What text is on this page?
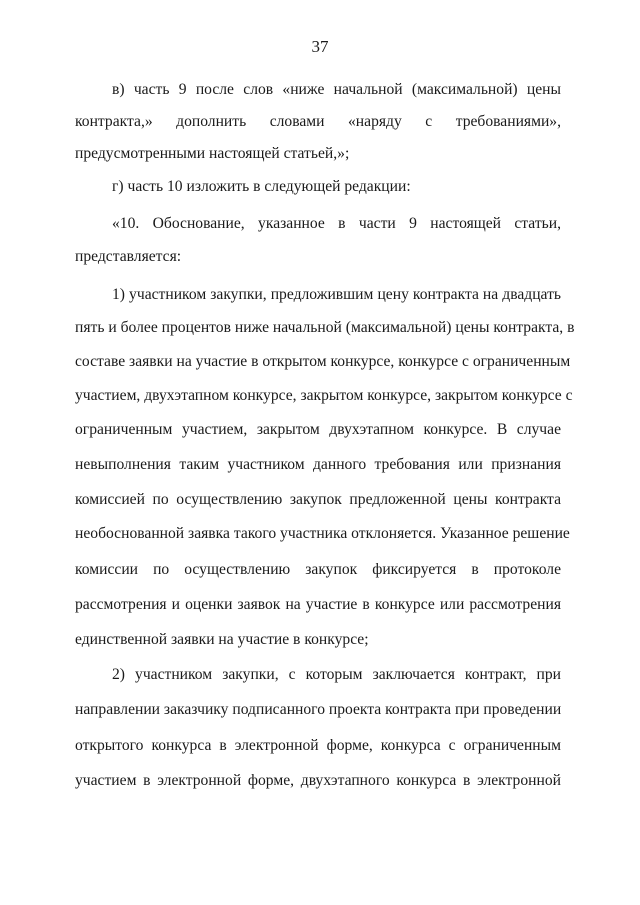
37
в) часть 9 после слов «ниже начальной (максимальной) цены
контракта,» дополнить словами «наряду с требованиями»,
предусмотренными настоящей статьей,»;
г) часть 10 изложить в следующей редакции:
«10. Обоснование, указанное в части 9 настоящей статьи,
представляется:
1) участником закупки, предложившим цену контракта на двадцать
пять и более процентов ниже начальной (максимальной) цены контракта, в
составе заявки на участие в открытом конкурсе, конкурсе с ограниченным
участием, двухэтапном конкурсе, закрытом конкурсе, закрытом конкурсе с
ограниченным участием, закрытом двухэтапном конкурсе. В случае
невыполнения таким участником данного требования или признания
комиссией по осуществлению закупок предложенной цены контракта
необоснованной заявка такого участника отклоняется. Указанное решение
комиссии по осуществлению закупок фиксируется в протоколе
рассмотрения и оценки заявок на участие в конкурсе или рассмотрения
единственной заявки на участие в конкурсе;
2) участником закупки, с которым заключается контракт, при
направлении заказчику подписанного проекта контракта при проведении
открытого конкурса в электронной форме, конкурса с ограниченным
участием в электронной форме, двухэтапного конкурса в электронной
